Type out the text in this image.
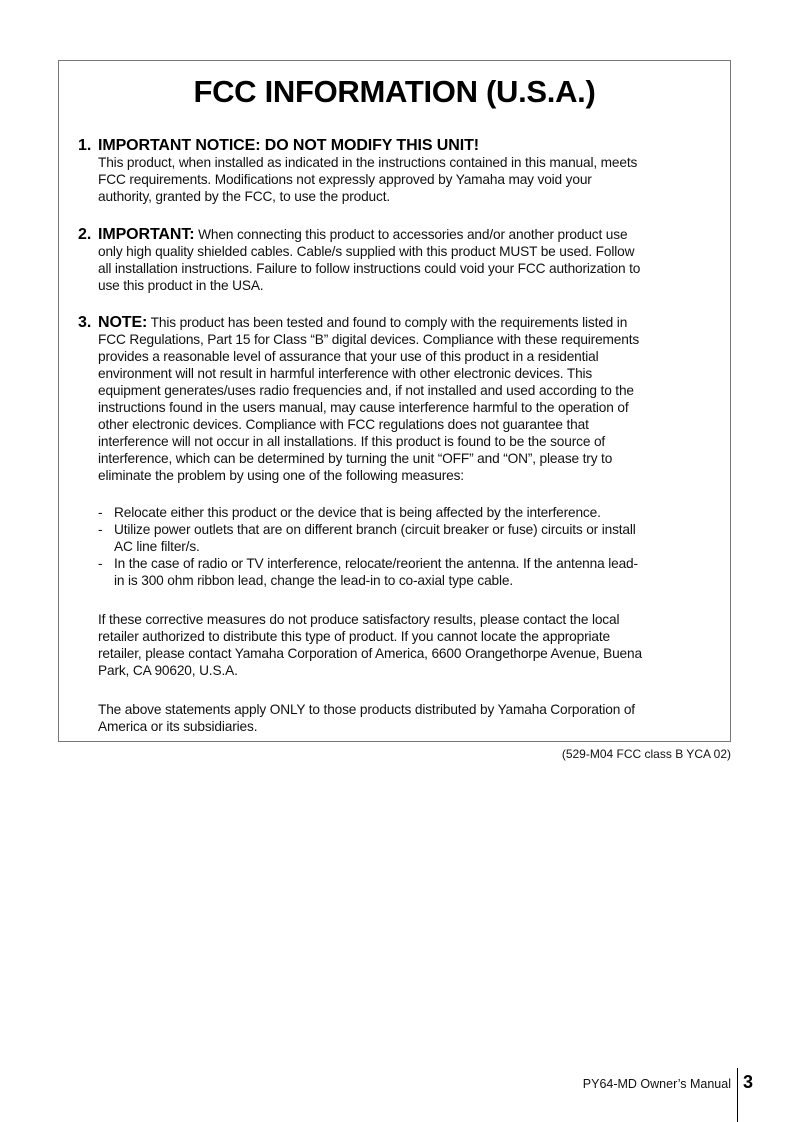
FCC INFORMATION (U.S.A.)
1. IMPORTANT NOTICE: DO NOT MODIFY THIS UNIT!
This product, when installed as indicated in the instructions contained in this manual, meets
FCC requirements. Modifications not expressly approved by Yamaha may void your
authority, granted by the FCC, to use the product.
2. IMPORTANT: When connecting this product to accessories and/or another product use
only high quality shielded cables. Cable/s supplied with this product MUST be used. Follow
all installation instructions. Failure to follow instructions could void your FCC authorization to
use this product in the USA.
3. NOTE: This product has been tested and found to comply with the requirements listed in
FCC Regulations, Part 15 for Class “B” digital devices. Compliance with these requirements
provides a reasonable level of assurance that your use of this product in a residential
environment will not result in harmful interference with other electronic devices. This
equipment generates/uses radio frequencies and, if not installed and used according to the
instructions found in the users manual, may cause interference harmful to the operation of
other electronic devices. Compliance with FCC regulations does not guarantee that
interference will not occur in all installations. If this product is found to be the source of
interference, which can be determined by turning the unit “OFF” and “ON”, please try to
eliminate the problem by using one of the following measures:
- Relocate either this product or the device that is being affected by the interference.
- Utilize power outlets that are on different branch (circuit breaker or fuse) circuits or install
AC line filter/s.
- In the case of radio or TV interference, relocate/reorient the antenna. If the antenna lead-
in is 300 ohm ribbon lead, change the lead-in to co-axial type cable.
If these corrective measures do not produce satisfactory results, please contact the local
retailer authorized to distribute this type of product. If you cannot locate the appropriate
retailer, please contact Yamaha Corporation of America, 6600 Orangethorpe Avenue, Buena
Park, CA 90620, U.S.A.
The above statements apply ONLY to those products distributed by Yamaha Corporation of
America or its subsidiaries.
(529-M04 FCC class B YCA 02)
PY64-MD Owner’s Manual 3
